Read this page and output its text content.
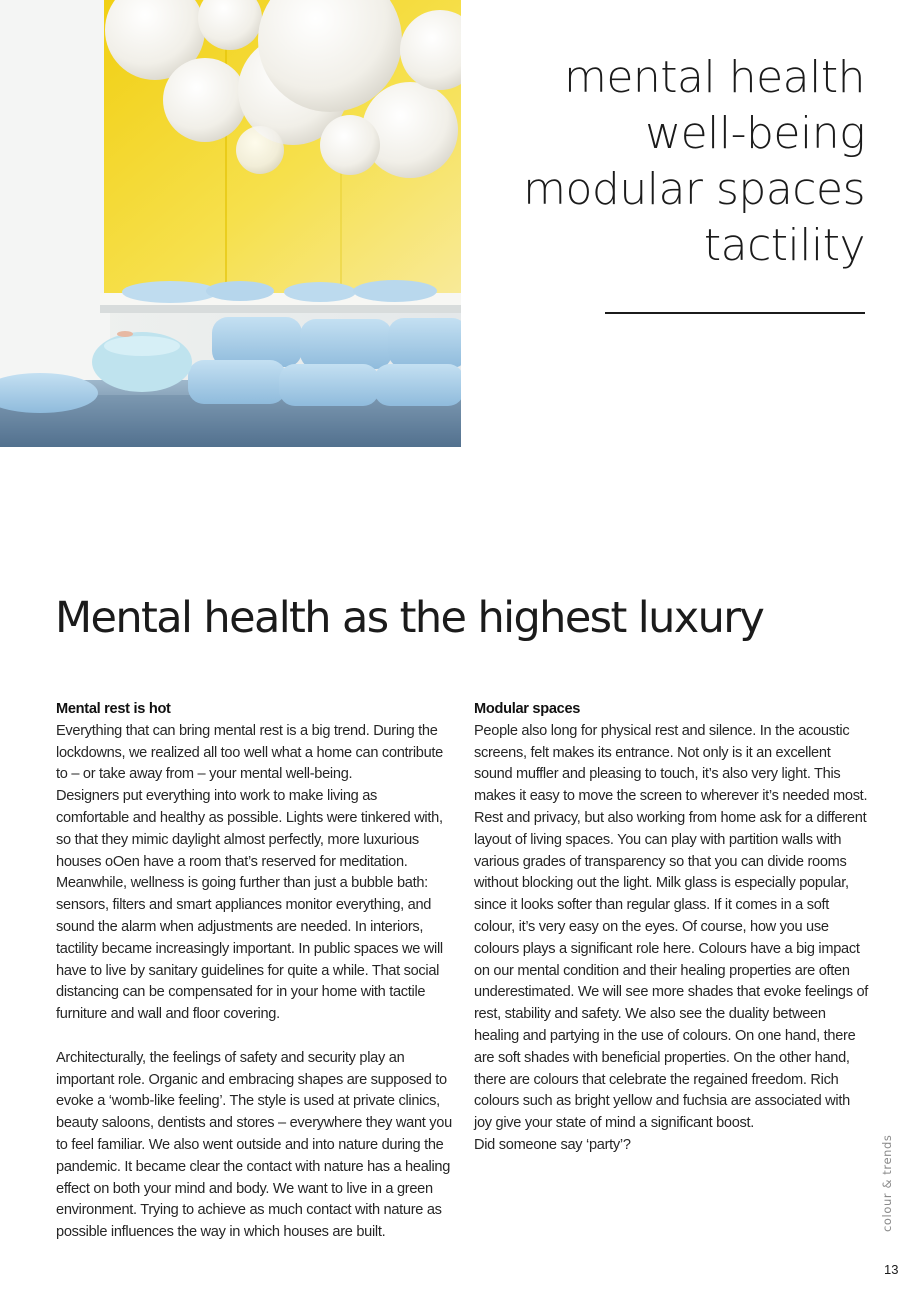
mental health
well-being
modular spaces
tactility
Mental health as the highest luxury
Mental rest is hot

Everything that can bring mental rest is a big trend. During the lockdowns, we realized all too well what a home can contribute to – or take away from – your mental well-being.

Designers put everything into work to make living as comfortable and healthy as possible. Lights were tinkered with, so that they mimic daylight almost perfectly, more luxurious houses oOen have a room that’s reserved for meditation. Meanwhile, wellness is going further than just a bubble bath: sensors, filters and smart appliances monitor everything, and sound the alarm when adjustments are needed. In interiors, tactility became increasingly important. In public spaces we will have to live by sanitary guidelines for quite a while. That social distancing can be compensated for in your home with tactile furniture and wall and floor covering.

Architecturally, the feelings of safety and security play an important role. Organic and embracing shapes are supposed to evoke a ‘womb-like feeling’. The style is used at private clinics, beauty saloons, dentists and stores – everywhere they want you to feel familiar. We also went outside and into nature during the pandemic. It became clear the contact with nature has a healing effect on both your mind and body. We want to live in a green environment. Trying to achieve as much contact with nature as possible influences the way in which houses are built.

Modular spaces

People also long for physical rest and silence. In the acoustic screens, felt makes its entrance. Not only is it an excellent sound muffler and pleasing to touch, it’s also very light. This makes it easy to move the screen to wherever it’s needed most. Rest and privacy, but also working from home ask for a different layout of living spaces. You can play with partition walls with various grades of transparency so that you can divide rooms without blocking out the light. Milk glass is especially popular, since it looks softer than regular glass. If it comes in a soft colour, it’s very easy on the eyes. Of course, how you use colours plays a significant role here. Colours have a big impact on our mental condition and their healing properties are often underestimated. We will see more shades that evoke feelings of rest, stability and safety. We also see the duality between healing and partying in the use of colours. On one hand, there are soft shades with beneficial properties. On the other hand, there are colours that celebrate the regained freedom. Rich colours such as bright yellow and fuchsia are associated with joy give your state of mind a significant boost.

Did someone say ‘party’?	colour & trends
13
